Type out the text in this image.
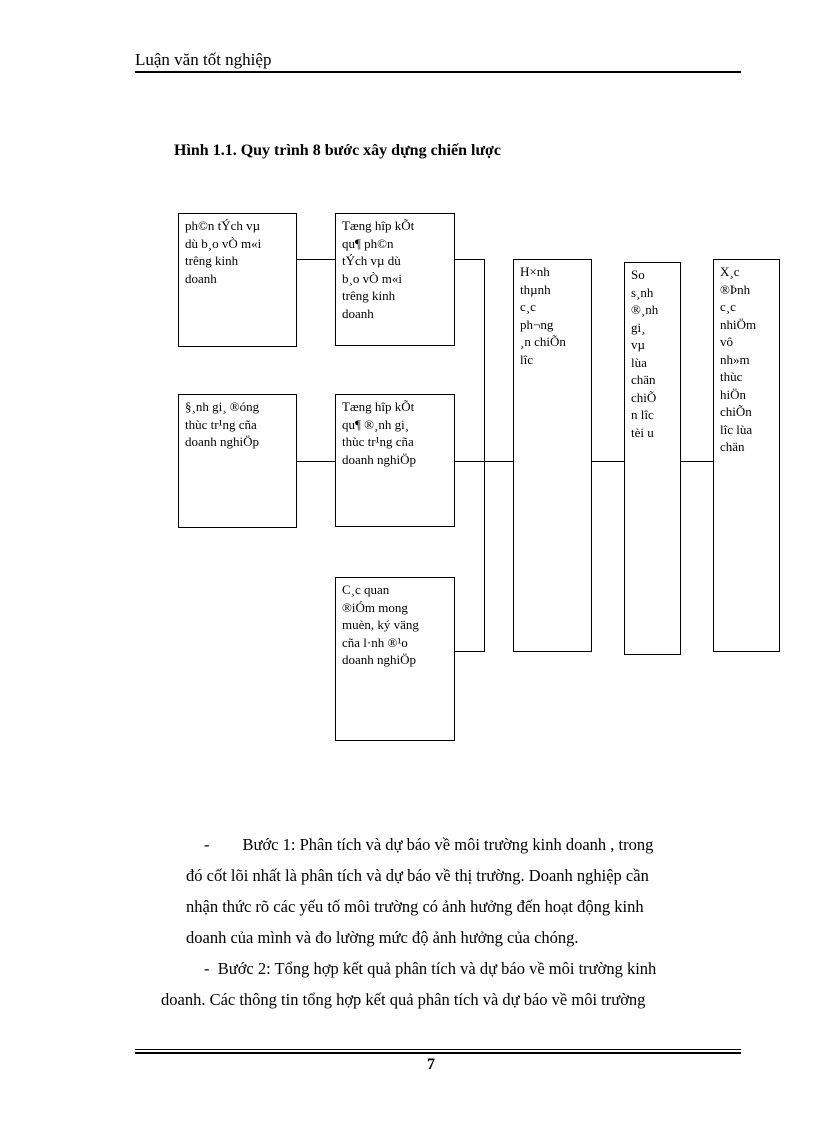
Luận văn tốt nghiệp
Hình 1.1. Quy trình 8 bước xây dựng chiến lược
ph©n tÝch vµ
dù b¸o vÒ m«i
trêng kinh
doanh
§¸nh gi¸ ®óng
thùc tr¹ng cña
doanh nghiÖp
Tæng hîp kÕt
qu¶ ph©n
tÝch vµ dù
b¸o vÒ m«i
trêng kinh
doanh
Tæng hîp kÕt
qu¶ ®¸nh gi¸
thùc tr¹ng cña
doanh nghiÖp
C¸c quan
®iÓm mong
muèn, ký väng
cña l·nh ®¹o
doanh nghiÖp
H×nh
thµnh
c¸c
ph¬ng
¸n chiÕn
lîc
So
s¸nh
®¸nh
gi¸
vµ
lùa
chän
chiÕ
n lîc
tèi u
X¸c
®Þnh
c¸c
nhiÖm
vô
nh»m
thùc
hiÖn
chiÕn
lîc lùa
chän
-        Bước 1: Phân tích và dự báo về môi trường kinh doanh , trong
đó cốt lõi nhất là phân tích và dự báo về thị trường. Doanh nghiệp cần
nhận thức rõ các yếu tố môi trường có ảnh hưởng đến hoạt động kinh
doanh của mình và đo lường mức độ ảnh hưởng của chóng.
-  Bước 2: Tổng hợp kết quả phân tích và dự báo về môi trường kinh
doanh. Các thông tin tổng hợp kết quả phân tích và dự báo về môi trường
7
